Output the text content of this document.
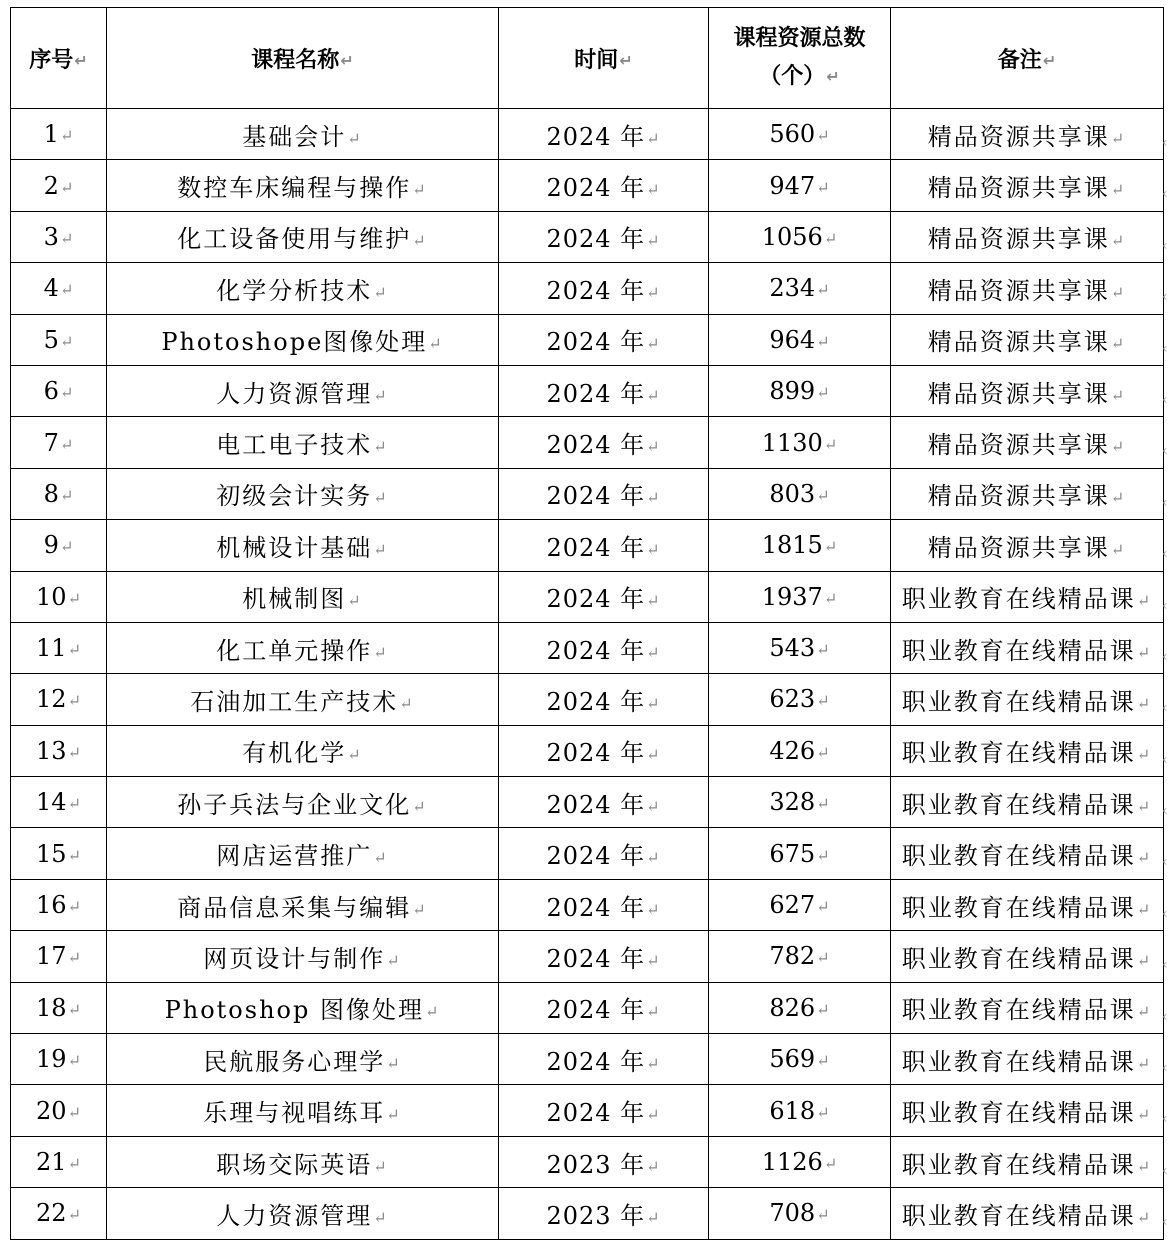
序号↵	课程名称↵	时间↵	课程资源总数
（个）↵	备注↵
1↵	基础会计↵	2024 年↵	560↵	精品资源共享课↵
2↵	数控车床编程与操作↵	2024 年↵	947↵	精品资源共享课↵
3↵	化工设备使用与维护↵	2024 年↵	1056↵	精品资源共享课↵
4↵	化学分析技术↵	2024 年↵	234↵	精品资源共享课↵
5↵	Photoshope图像处理↵	2024 年↵	964↵	精品资源共享课↵
6↵	人力资源管理↵	2024 年↵	899↵	精品资源共享课↵
7↵	电工电子技术↵	2024 年↵	1130↵	精品资源共享课↵
8↵	初级会计实务↵	2024 年↵	803↵	精品资源共享课↵
9↵	机械设计基础↵	2024 年↵	1815↵	精品资源共享课↵
10↵	机械制图↵	2024 年↵	1937↵	职业教育在线精品课↵
11↵	化工单元操作↵	2024 年↵	543↵	职业教育在线精品课↵
12↵	石油加工生产技术↵	2024 年↵	623↵	职业教育在线精品课↵
13↵	有机化学↵	2024 年↵	426↵	职业教育在线精品课↵
14↵	孙子兵法与企业文化↵	2024 年↵	328↵	职业教育在线精品课↵
15↵	网店运营推广↵	2024 年↵	675↵	职业教育在线精品课↵
16↵	商品信息采集与编辑↵	2024 年↵	627↵	职业教育在线精品课↵
17↵	网页设计与制作↵	2024 年↵	782↵	职业教育在线精品课↵
18↵	Photoshop 图像处理↵	2024 年↵	826↵	职业教育在线精品课↵
19↵	民航服务心理学↵	2024 年↵	569↵	职业教育在线精品课↵
20↵	乐理与视唱练耳↵	2024 年↵	618↵	职业教育在线精品课↵
21↵	职场交际英语↵	2023 年↵	1126↵	职业教育在线精品课↵
22↵	人力资源管理↵	2023 年↵	708↵	职业教育在线精品课↵
‹
‹
‹
‹
‹
‹
‹
‹
‹
‹
‹
‹
‹
‹
‹
‹
‹
‹
‹
‹
‹
‹
